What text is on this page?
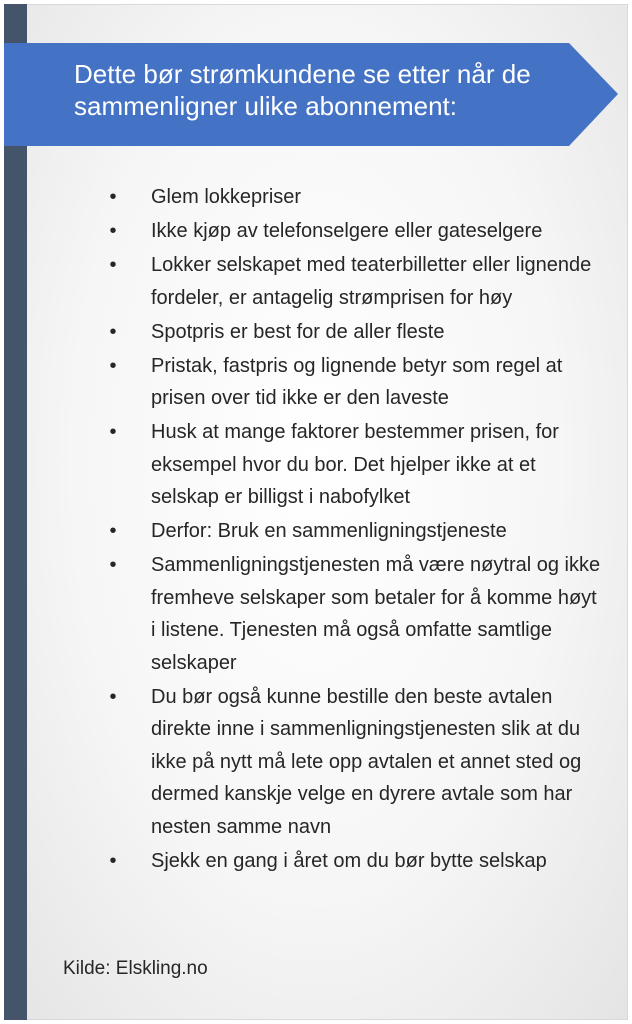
Dette bør strømkundene se etter når de sammenligner ulike abonnement:
•	Glem lokkepriser
•	Ikke kjøp av telefonselgere eller gateselgere
•	Lokker selskapet med teaterbilletter eller lignende fordeler, er antagelig strømprisen for høy
•	Spotpris er best for de aller fleste
•	Pristak, fastpris og lignende betyr som regel at prisen over tid ikke er den laveste
•	Husk at mange faktorer bestemmer prisen, for eksempel hvor du bor. Det hjelper ikke at et selskap er billigst i nabofylket
•	Derfor: Bruk en sammenligningstjeneste
•	Sammenligningstjenesten må være nøytral og ikke fremheve selskaper som betaler for å komme høyt i listene. Tjenesten må også omfatte samtlige selskaper
•	Du bør også kunne bestille den beste avtalen direkte inne i sammenligningstjenesten slik at du ikke på nytt må lete opp avtalen et annet sted og dermed kanskje velge en dyrere avtale som har nesten samme navn
•	Sjekk en gang i året om du bør bytte selskap

Kilde: Elskling.no
